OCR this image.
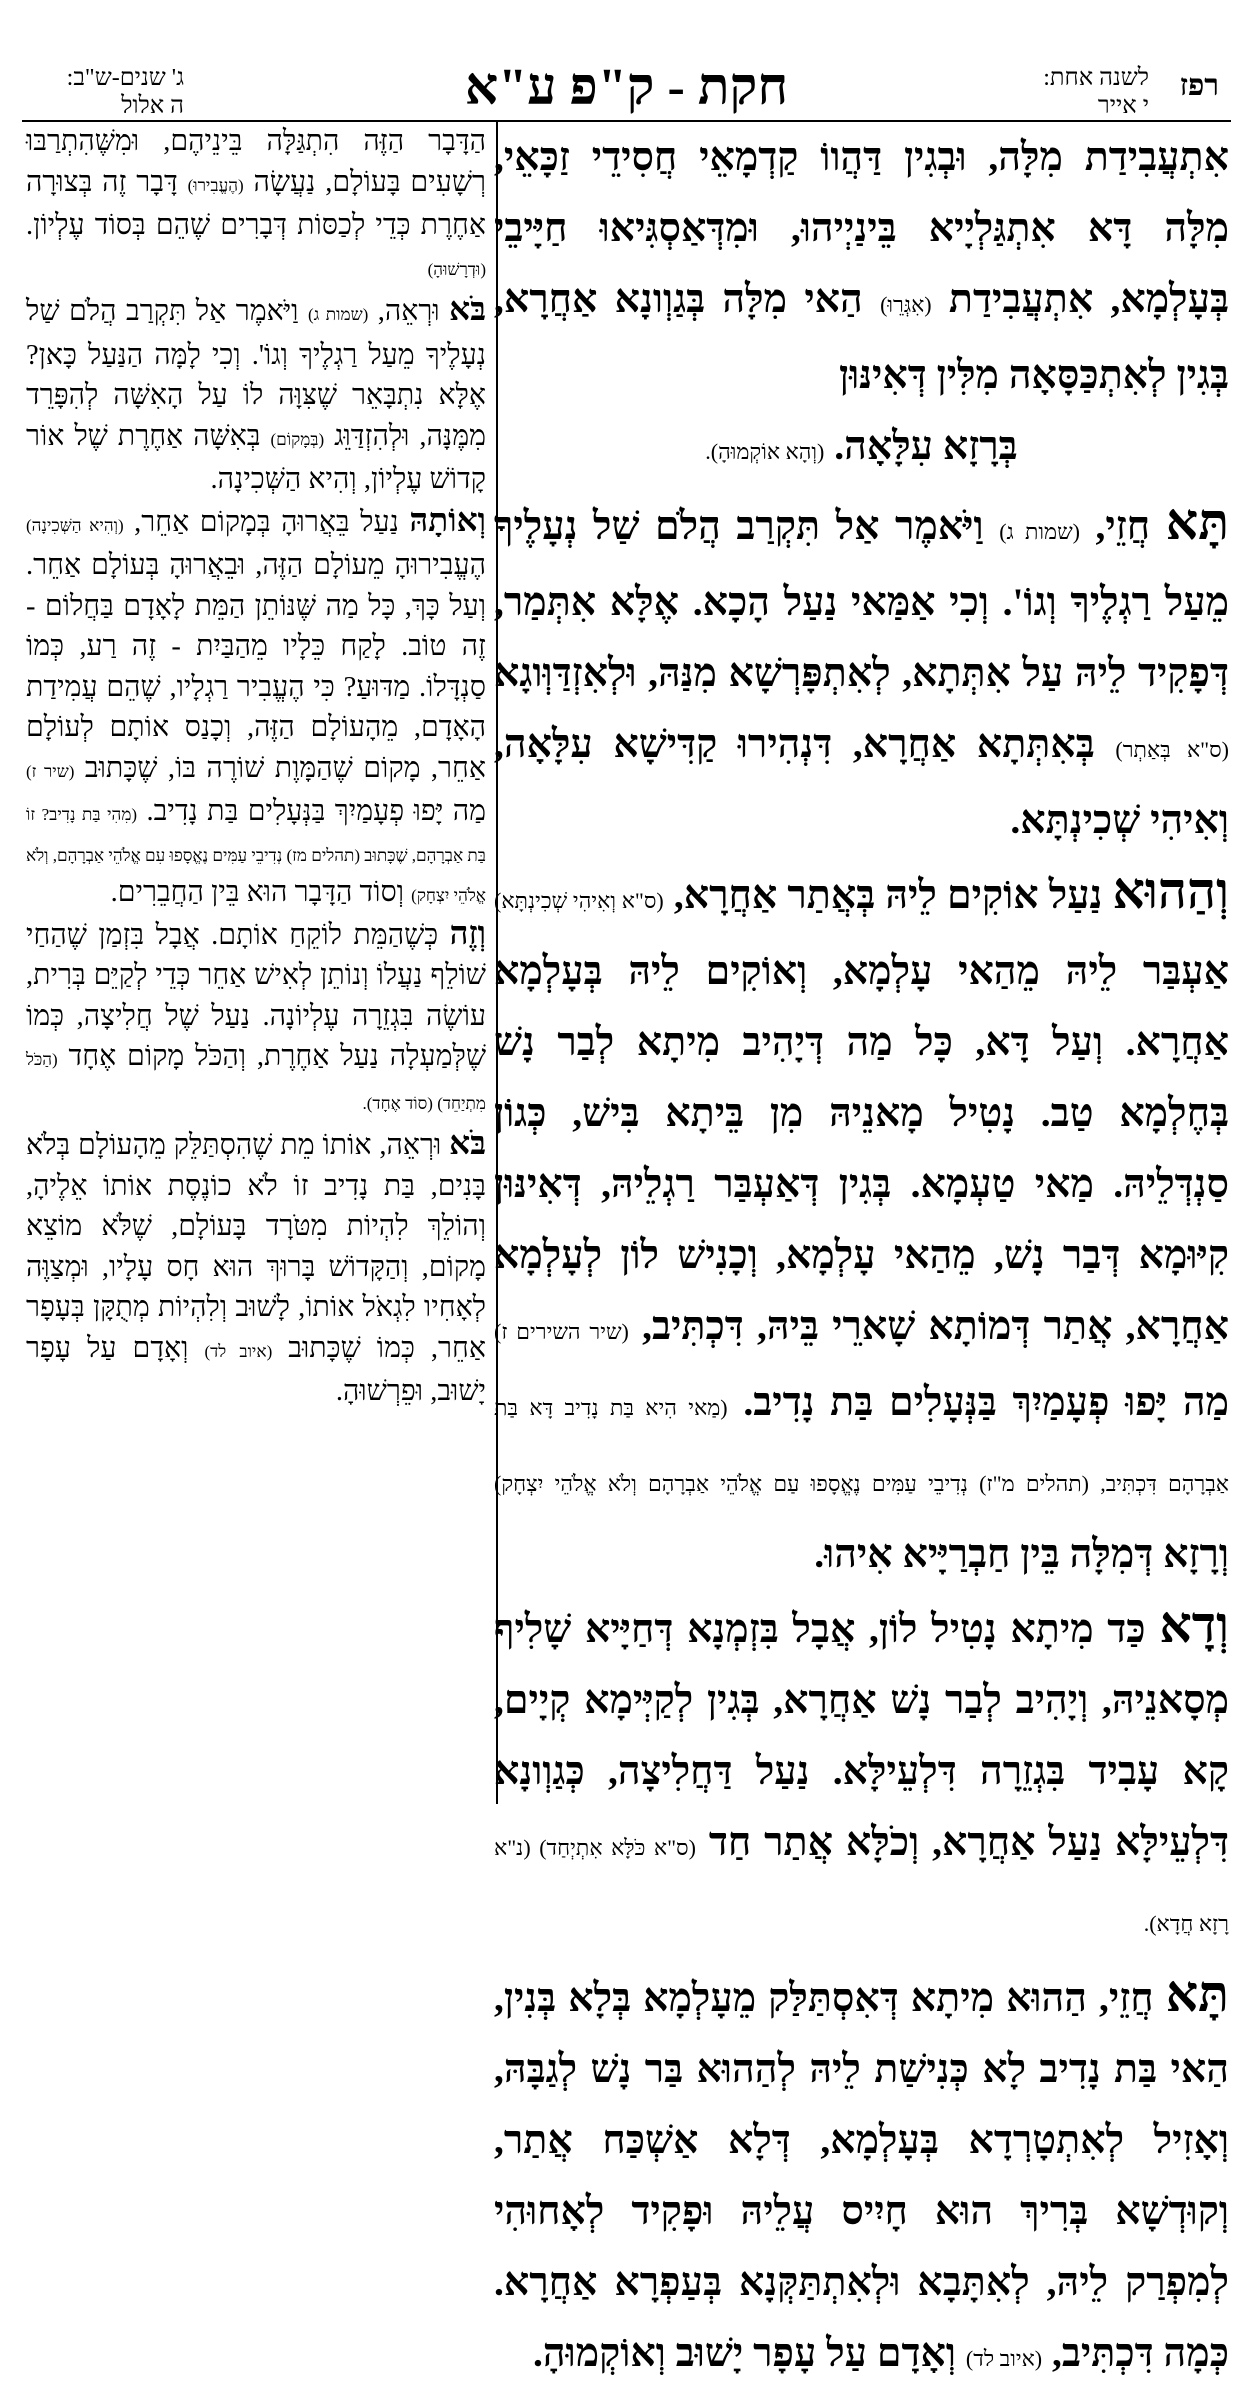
רפז
לשנה אחת:
י אייר
חקת - ק"פ ע"א
ג' שנים-ש"ב:
ה אלול

אִתְעֲבִידַת מִלָּה, וּבְגִין דַּהֲווֹ קַדְמָאֵי חֲסִידֵי זַכָּאֵי, מִלָּה דָּא אִתְגַּלְיָיא בֵּינַיְיהוּ, וּמִדְּאַסְגִּיאוּ חַיָּיבֵי בְּעָלְמָא, אִתְעֲבִידַת (אִגְּרֵוּ) הַאי מִלָּה בְּגַוְונָא אַחֲרָא, בְּגִין לְאִתְכַּסָּאָה מִלִּין דְּאִינּוּן

בְּרָזָא עִלָּאָה. (וְהָא אוֹקְמוּהָ).

תָּא חֲזֵי, (שמות ג) וַיֹּאמֶר אַל תִּקְרַב הֲלֹם שַׁל נְעָלֶיךָ מֵעַל רַגְלֶיךָ וְגוֹ'. וְכִי אַמַּאי נַעַל הָכָא. אֶלָּא אִתְּמַר, דְּפָקִיד לֵיהּ עַל אִתְּתָא, לְאִתְפָּרְשָׁא מִנַּהּ, וּלְאִזְדַּוְּוגָא (ס"א בְּאַתְר) בְּאִתְּתָא אַחֲרָא, דִּנְהִירוּ קַדִּישָׁא עִלָּאָה, וְאִיהִי שְׁכִינְתָּא.

וְהַהוּא נַעַל אוֹקִים לֵיהּ בְּאֲתַר אַחֲרָא, (ס"א וְאִיהִי שְׁכִינְתָּא) אַעְבַּר לֵיהּ מֵהַאי עָלְמָא, וְאוֹקִים לֵיהּ בְּעָלְמָא אַחֲרָא. וְעַל דָּא, כָּל מַה דְּיָהִיב מִיתָא לְבַר נָשׁ בְּחֶלְמָא טַב. נָטִיל מָאנֵיהּ מִן בֵּיתָא בִּישׁ, כְּגוֹן סַנְדְּלֵיהּ. מַאי טַעְמָא. בְּגִין דְּאַעְבַּר רַגְלֵיהּ, דְּאִינּוּן קִיּוּמָא דְּבַר נָשׁ, מֵהַאי עָלְמָא, וְכָנִישׁ לוֹן לְעָלְמָא אַחֲרָא, אֲתַר דְּמוֹתָא שָׁארֵי בֵּיהּ, דִּכְתִּיב, (שיר השירים ז) מַה יָּפוּ פְעָמַיִךְ בַּנְּעָלִים בַּת נָדִיב. (מַאי הִיא בַּת נָדִיב דָּא בַּת אַבְרָהָם דִּכְתִּיב, (תהלים מ"ז) נְדִיבֵי עַמִּים נֶאֱסָפוּ עַם אֱלֹהֵי אַבְרָהָם וְלֹא אֱלֹהֵי יִצְחָק) וְרָזָא דְּמִלָּה בֵּין חַבְרַיָּיא אִיהוּ.

וְדָא כַּד מִיתָא נָטִיל לוֹן, אֲבָל בִּזְמְנָא דְּחַיָּיא שָׁלִיף מְסָאנֵיהּ, וְיָהִיב לְבַר נָשׁ אַחֲרָא, בְּגִין לְקַיְּימָא קְיָים, קָא עָבִיד בִּגְזֵרָה דִּלְעֵילָּא. נַעַל דַּחֲלִיצָה, כְּגַוְונָא דִּלְעֵילָּא נַעַל אַחֲרָא, וְכֹלָּא אֲתַר חַד (ס"א כֹּלָּא אִתְיְחַד) (נ"א רָזָא חֲדָא).

תָּא חֲזֵי, הַהוּא מִיתָא דְּאִסְתַּלַּק מֵעָלְמָא בְּלָא בְּנִין, הַאי בַּת נָדִיב לָא כְּנִישַׁת לֵיהּ לְהַהוּא בַּר נָשׁ לְגַבָּהּ, וְאָזִיל לְאִתְטָרְדָא בְּעָלְמָא, דְּלָא אַשְׁכַּח אֲתַר, וְקוּדְשָׁא בְּרִיךְ הוּא חָיִיס עֲלֵיהּ וּפָקִיד לְאָחוּהִי לְמִפְרַק לֵיהּ, לְאִתָּבָא וּלְאִתְתַּקְּנָא בְּעַפְרָא אַחֲרָא. כְּמָה דִּכְתִּיב, (איוב לד) וְאָדָם עַל עָפָר יָשׁוּב וְאוֹקְמוּהָ.

הַדָּבָר הַזֶּה הִתְגַּלָּה בֵּינֵיהֶם, וּמִשֶּׁהִתְרַבּוּ רְשָׁעִים בָּעוֹלָם, נַעֲשָׂה (הֶעֱבִירוּ) דָּבָר זֶה בְּצוּרָה אַחֶרֶת כְּדֵי לְכַסּוֹת דְּבָרִים שֶׁהֵם בְּסוֹד עֶלְיוֹן. (וּדְרָשׁוּהָ)

בֹּא וּרְאֵה, (שמות ג) וַיֹּאמֶר אַל תִּקְרַב הֲלֹם שַׁל נְעָלֶיךָ מֵעַל רַגְלֶיךָ וְגוֹ'. וְכִי לָמָּה הַנַּעַל כָּאן? אֶלָּא נִתְבָּאֵר שֶׁצִּוָּה לוֹ עַל הָאִשָּׁה לְהִפָּרֵד מִמֶּנָּה, וּלְהִזְדַּוֵּג (בְּמָקוֹם) בְּאִשָּׁה אַחֶרֶת שֶׁל אוֹר קָדוֹשׁ עֶלְיוֹן, וְהִיא הַשְּׁכִינָה.

וְאוֹתָהּ נַעַל בֵּאֲרוּהָ בְּמָקוֹם אַחֵר, (וְהִיא הַשְּׁכִינָה) הֶעֱבִירוּהָ מֵעוֹלָם הַזֶּה, וּבֵאֲרוּהָ בְּעוֹלָם אַחֵר. וְעַל כָּךְ, כָּל מַה שֶּׁנּוֹתֵן הַמֵּת לָאָדָם בַּחֲלוֹם - זֶה טוֹב. לָקַח כֵּלָיו מֵהַבַּיִת - זֶה רַע, כְּמוֹ סַנְדָּלוֹ. מַדּוּעַ? כִּי הֶעֱבִיר רַגְלָיו, שֶׁהֵם עֲמִידַת הָאָדָם, מֵהָעוֹלָם הַזֶּה, וְכָנַס אוֹתָם לְעוֹלָם אַחֵר, מָקוֹם שֶׁהַמָּוֶת שׁוֹרֶה בּוֹ, שֶׁכָּתוּב (שיר ז) מַה יָּפוּ פְעָמַיִךְ בַּנְּעָלִים בַּת נָדִיב. (מִהִי בַּת נָדִיב? זוֹ בַּת אַבְרָהָם, שֶׁכָּתוּב (תהלים מז) נְדִיבֵי עַמִּים נֶאֱסָפוּ עִם אֱלֹהֵי אַבְרָהָם, וְלֹא אֱלֹהֵי יִצְחָק) וְסוֹד הַדָּבָר הוּא בֵּין הַחֲבֵרִים.

וְזֶה כְּשֶׁהַמֵּת לוֹקֵחַ אוֹתָם. אֲבָל בִּזְמַן שֶׁהַחַי שׁוֹלֵף נַעֲלוֹ וְנוֹתֵן לְאִישׁ אַחֵר כְּדֵי לְקַיֵּם בְּרִית, עוֹשֶׂה בִּגְזֵרָה עֶלְיוֹנָה. נַעַל שֶׁל חֲלִיצָה, כְּמוֹ שֶׁלְּמַעְלָה נַעַל אַחֶרֶת, וְהַכֹּל מָקוֹם אֶחָד (הַכֹּל מִתְיַחֵד) (סוֹד אֶחָד).

בֹּא וּרְאֵה, אוֹתוֹ מֵת שֶׁהִסְתַּלֵּק מֵהָעוֹלָם בְּלֹא בָּנִים, בַּת נָדִיב זוֹ לֹא כוֹנֶסֶת אוֹתוֹ אֵלֶיהָ, וְהוֹלֵךְ לִהְיוֹת מִטֹּרָד בָּעוֹלָם, שֶׁלֹּא מוֹצֵא מָקוֹם, וְהַקָּדוֹשׁ בָּרוּךְ הוּא חָס עָלָיו, וּמְצַוֶּה לְאָחִיו לִגְאֹל אוֹתוֹ, לָשׁוּב וְלִהְיוֹת מְתֻקָּן בְּעָפָר אַחֵר, כְּמוֹ שֶׁכָּתוּב (איוב לד) וְאָדָם עַל עָפָר יָשׁוּב, וּפֵרְשׁוּהָ.
